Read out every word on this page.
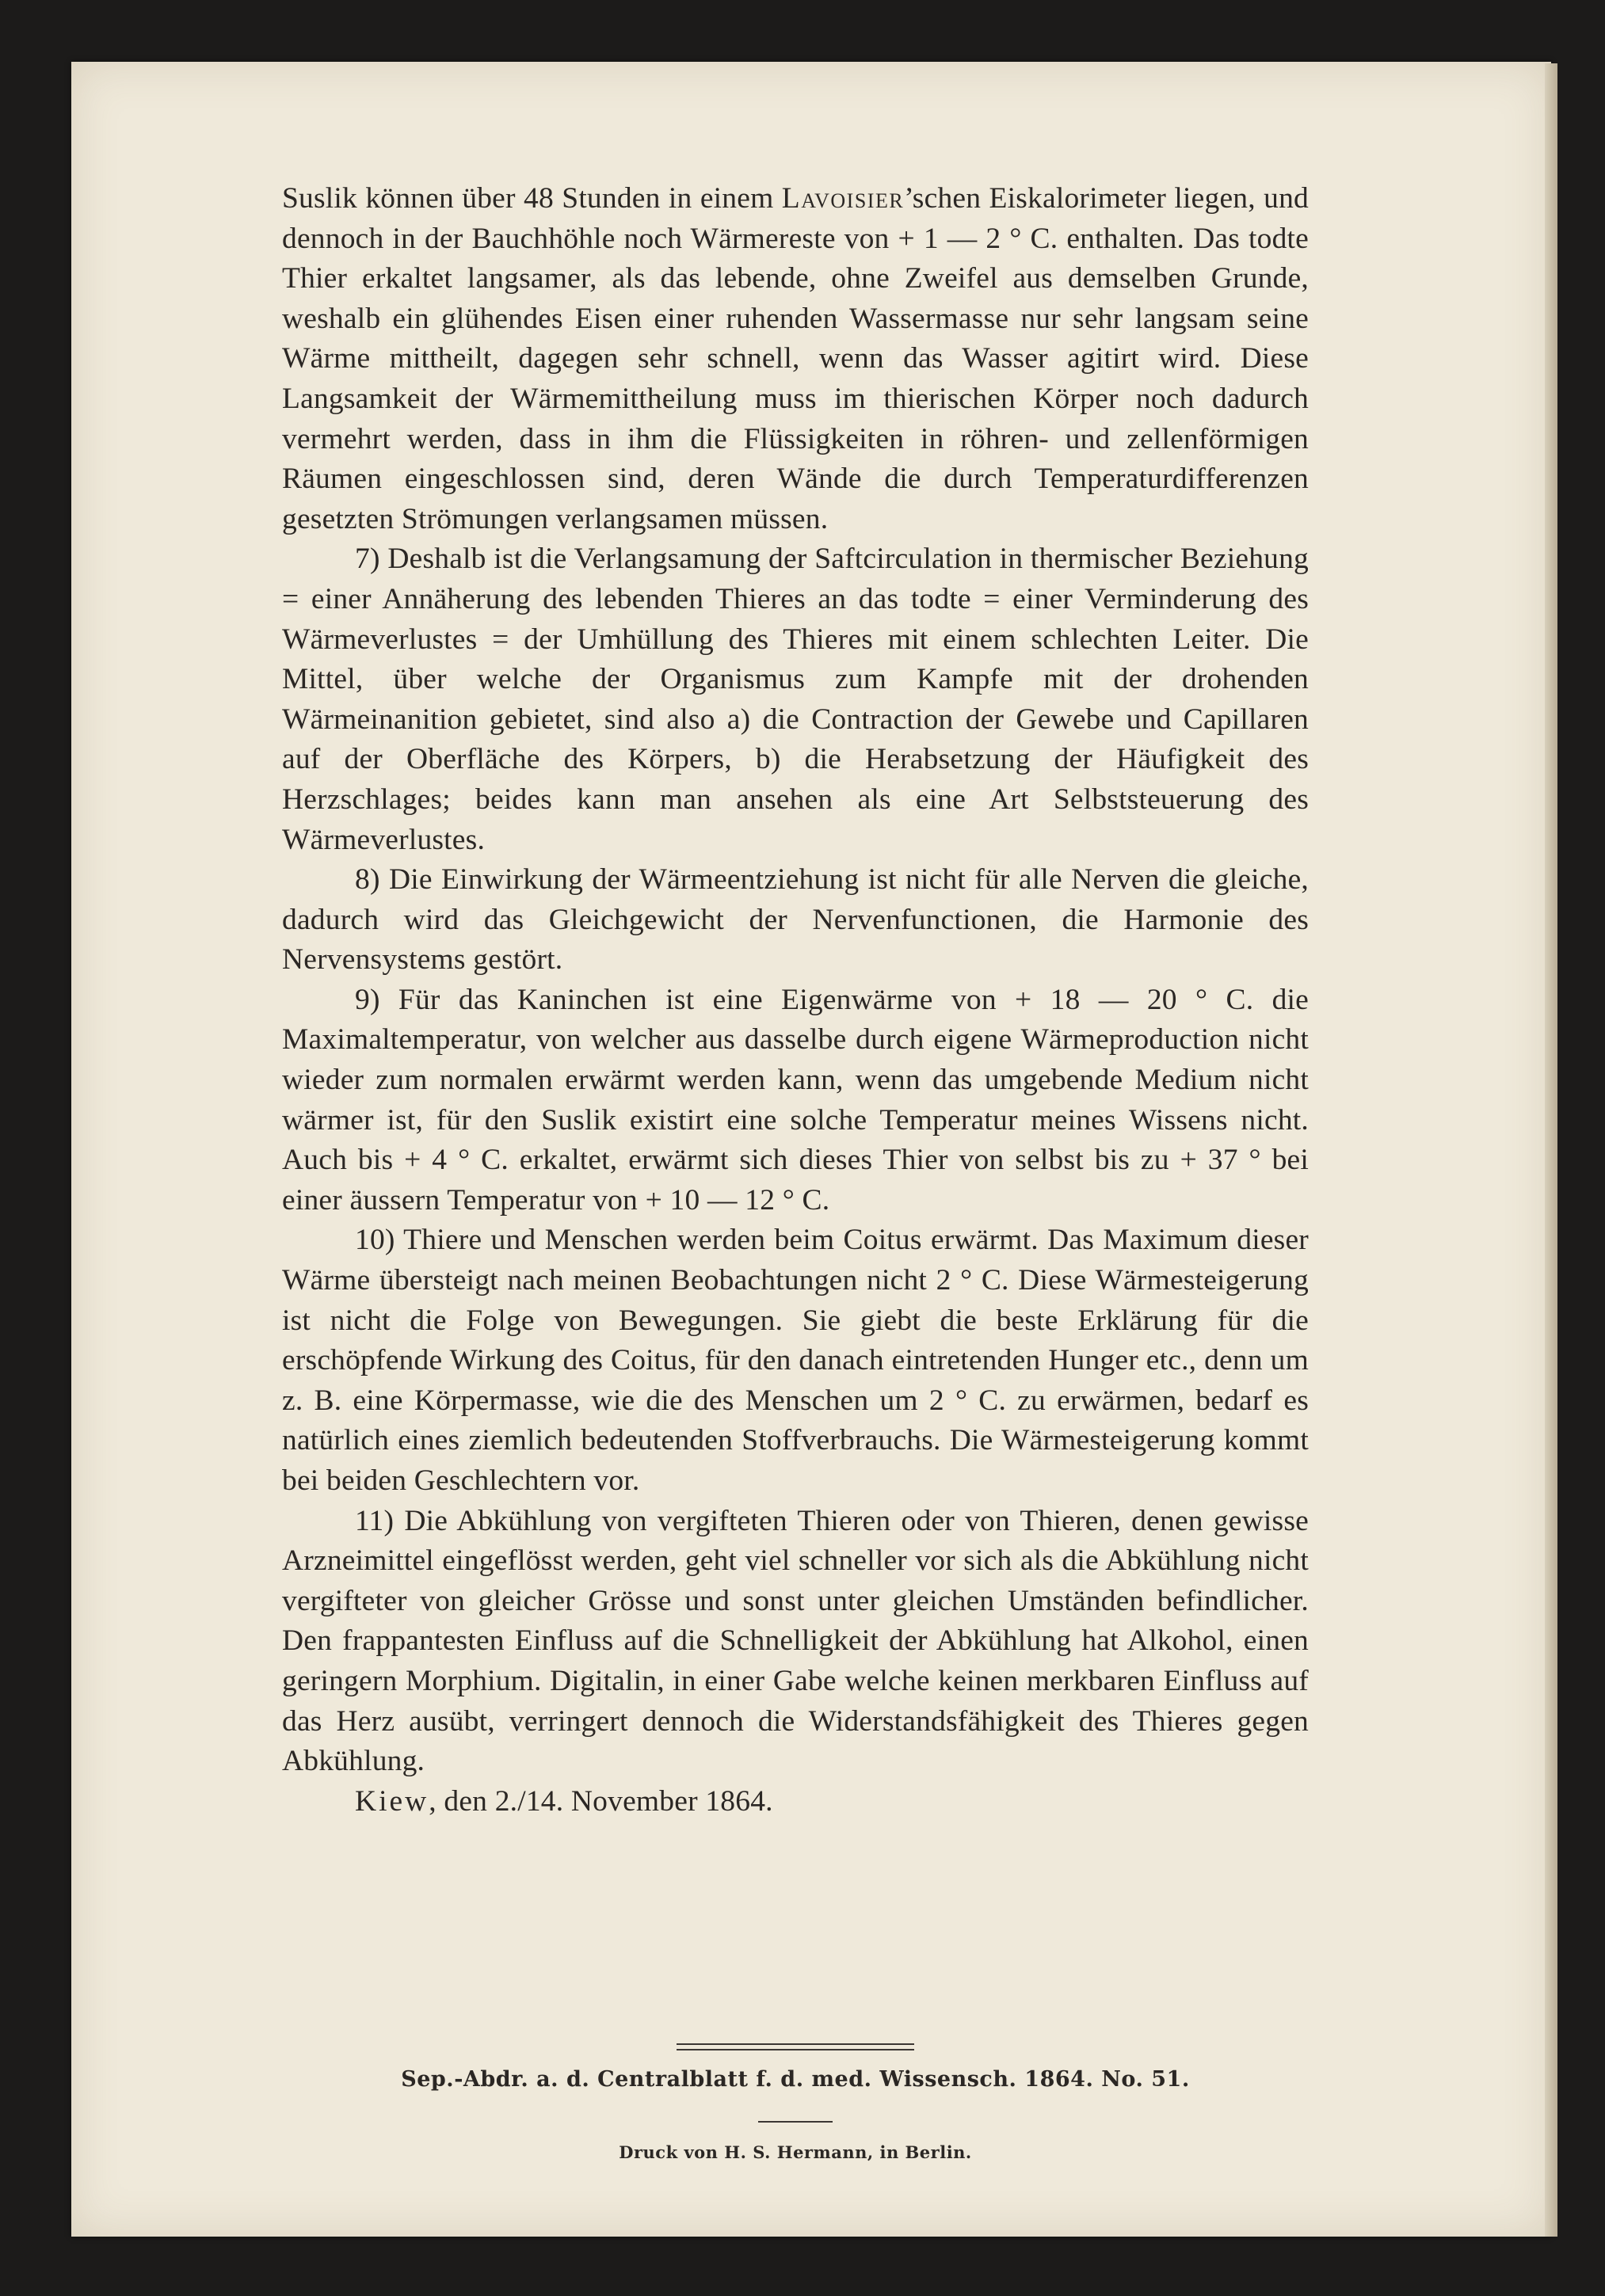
Suslik können über 48 Stunden in einem Lavoisier’schen Eiskalorimeter liegen, und dennoch in der Bauchhöhle noch Wärmereste von + 1 — 2 ° C. enthalten. Das todte Thier erkaltet langsamer, als das lebende, ohne Zweifel aus demselben Grunde, weshalb ein glühendes Eisen einer ruhenden Wassermasse nur sehr langsam seine Wärme mittheilt, dagegen sehr schnell, wenn das Wasser agitirt wird. Diese Langsamkeit der Wärmemittheilung muss im thierischen Körper noch dadurch vermehrt werden, dass in ihm die Flüssigkeiten in röhren- und zellenförmigen Räumen eingeschlossen sind, deren Wände die durch Temperaturdifferenzen gesetzten Strömungen verlangsamen müssen.

7) Deshalb ist die Verlangsamung der Saftcirculation in thermischer Beziehung = einer Annäherung des lebenden Thieres an das todte = einer Verminderung des Wärmeverlustes = der Umhüllung des Thieres mit einem schlechten Leiter. Die Mittel, über welche der Organismus zum Kampfe mit der drohenden Wärmeinanition gebietet, sind also a) die Contraction der Gewebe und Capillaren auf der Oberfläche des Körpers, b) die Herabsetzung der Häufigkeit des Herzschlages; beides kann man ansehen als eine Art Selbststeuerung des Wärmeverlustes.

8) Die Einwirkung der Wärmeentziehung ist nicht für alle Nerven die gleiche, dadurch wird das Gleichgewicht der Nervenfunctionen, die Harmonie des Nervensystems gestört.

9) Für das Kaninchen ist eine Eigenwärme von + 18 — 20 ° C. die Maximaltemperatur, von welcher aus dasselbe durch eigene Wärmeproduction nicht wieder zum normalen erwärmt werden kann, wenn das umgebende Medium nicht wärmer ist, für den Suslik existirt eine solche Temperatur meines Wissens nicht. Auch bis + 4 ° C. erkaltet, erwärmt sich dieses Thier von selbst bis zu + 37 ° bei einer äussern Temperatur von + 10 — 12 ° C.

10) Thiere und Menschen werden beim Coitus erwärmt. Das Maximum dieser Wärme übersteigt nach meinen Beobachtungen nicht 2 ° C. Diese Wärmesteigerung ist nicht die Folge von Bewegungen. Sie giebt die beste Erklärung für die erschöpfende Wirkung des Coitus, für den danach eintretenden Hunger etc., denn um z. B. eine Körpermasse, wie die des Menschen um 2 ° C. zu erwärmen, bedarf es natürlich eines ziemlich bedeutenden Stoffverbrauchs. Die Wärmesteigerung kommt bei beiden Geschlechtern vor.

11) Die Abkühlung von vergifteten Thieren oder von Thieren, denen gewisse Arzneimittel eingeflösst werden, geht viel schneller vor sich als die Abkühlung nicht vergifteter von gleicher Grösse und sonst unter gleichen Umständen befindlicher. Den frappantesten Einfluss auf die Schnelligkeit der Abkühlung hat Alkohol, einen geringern Morphium. Digitalin, in einer Gabe welche keinen merkbaren Einfluss auf das Herz ausübt, verringert dennoch die Widerstandsfähigkeit des Thieres gegen Abkühlung.

Kiew, den 2./14. November 1864.

Sep.-Abdr. a. d. Centralblatt f. d. med. Wissensch. 1864. No. 51.
Druck von H. S. Hermann, in Berlin.
